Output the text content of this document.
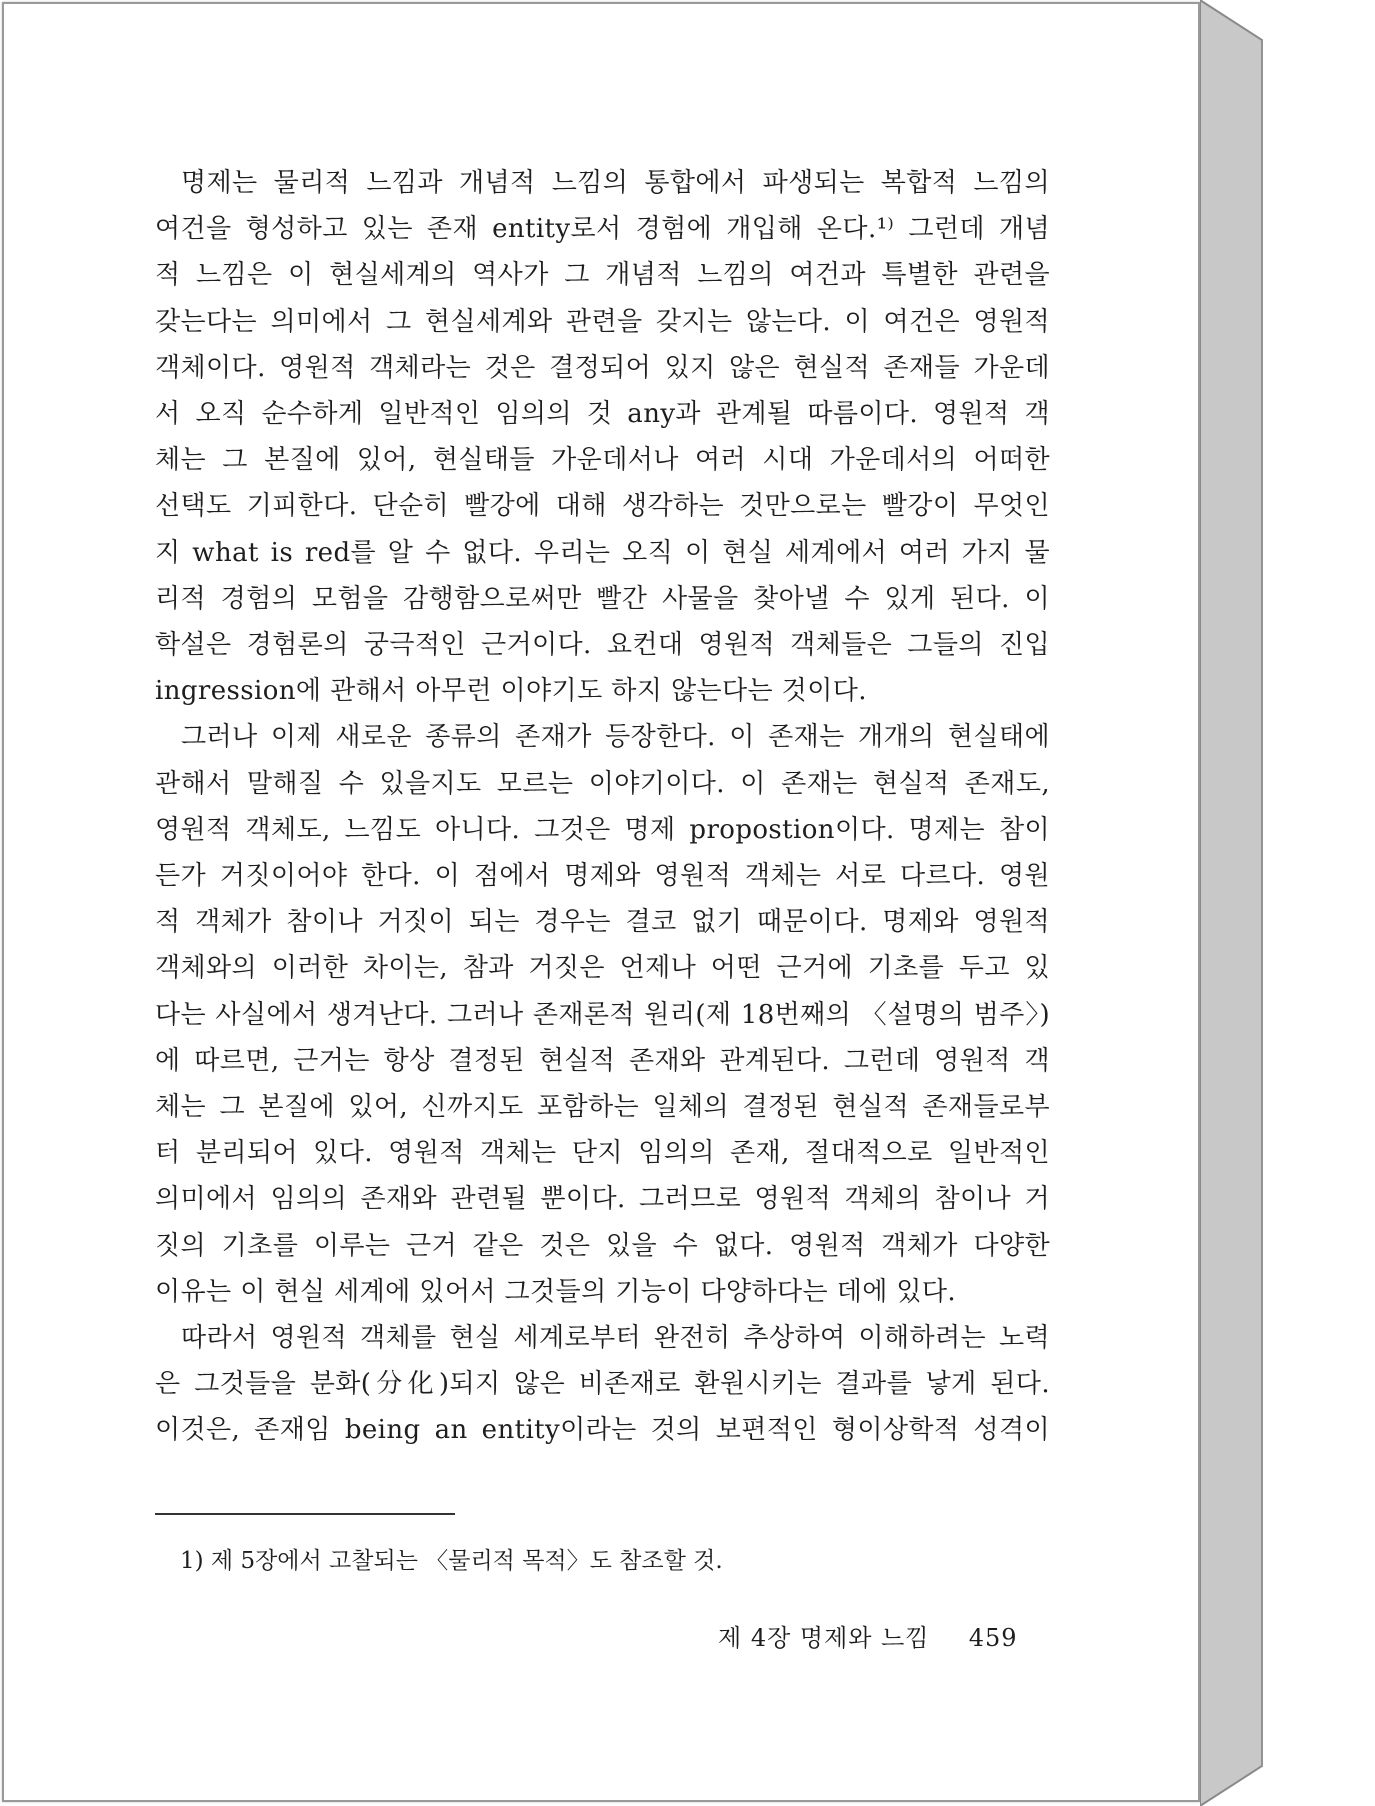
명제는 물리적 느낌과 개념적 느낌의 통합에서 파생되는 복합적 느낌의
여건을 형성하고 있는 존재 entity로서 경험에 개입해 온다.¹⁾ 그런데 개념
적 느낌은 이 현실세계의 역사가 그 개념적 느낌의 여건과 특별한 관련을
갖는다는 의미에서 그 현실세계와 관련을 갖지는 않는다. 이 여건은 영원적
객체이다. 영원적 객체라는 것은 결정되어 있지 않은 현실적 존재들 가운데
서 오직 순수하게 일반적인 임의의 것 any과 관계될 따름이다. 영원적 객
체는 그 본질에 있어, 현실태들 가운데서나 여러 시대 가운데서의 어떠한
선택도 기피한다. 단순히 빨강에 대해 생각하는 것만으로는 빨강이 무엇인
지 what is red를 알 수 없다. 우리는 오직 이 현실 세계에서 여러 가지 물
리적 경험의 모험을 감행함으로써만 빨간 사물을 찾아낼 수 있게 된다. 이
학설은 경험론의 궁극적인 근거이다. 요컨대 영원적 객체들은 그들의 진입
ingression에 관해서 아무런 이야기도 하지 않는다는 것이다.
그러나 이제 새로운 종류의 존재가 등장한다. 이 존재는 개개의 현실태에
관해서 말해질 수 있을지도 모르는 이야기이다. 이 존재는 현실적 존재도,
영원적 객체도, 느낌도 아니다. 그것은 명제 propostion이다. 명제는 참이
든가 거짓이어야 한다. 이 점에서 명제와 영원적 객체는 서로 다르다. 영원
적 객체가 참이나 거짓이 되는 경우는 결코 없기 때문이다. 명제와 영원적
객체와의 이러한 차이는, 참과 거짓은 언제나 어떤 근거에 기초를 두고 있
다는 사실에서 생겨난다. 그러나 존재론적 원리(제 18번째의 〈설명의 범주〉)
에 따르면, 근거는 항상 결정된 현실적 존재와 관계된다. 그런데 영원적 객
체는 그 본질에 있어, 신까지도 포함하는 일체의 결정된 현실적 존재들로부
터 분리되어 있다. 영원적 객체는 단지 임의의 존재, 절대적으로 일반적인
의미에서 임의의 존재와 관련될 뿐이다. 그러므로 영원적 객체의 참이나 거
짓의 기초를 이루는 근거 같은 것은 있을 수 없다. 영원적 객체가 다양한
이유는 이 현실 세계에 있어서 그것들의 기능이 다양하다는 데에 있다.
따라서 영원적 객체를 현실 세계로부터 완전히 추상하여 이해하려는 노력
은 그것들을 분화(分化)되지 않은 비존재로 환원시키는 결과를 낳게 된다.
이것은, 존재임 being an entity이라는 것의 보편적인 형이상학적 성격이
1) 제 5장에서 고찰되는 〈물리적 목적〉도 참조할 것.
제 4장 명제와 느낌 459
